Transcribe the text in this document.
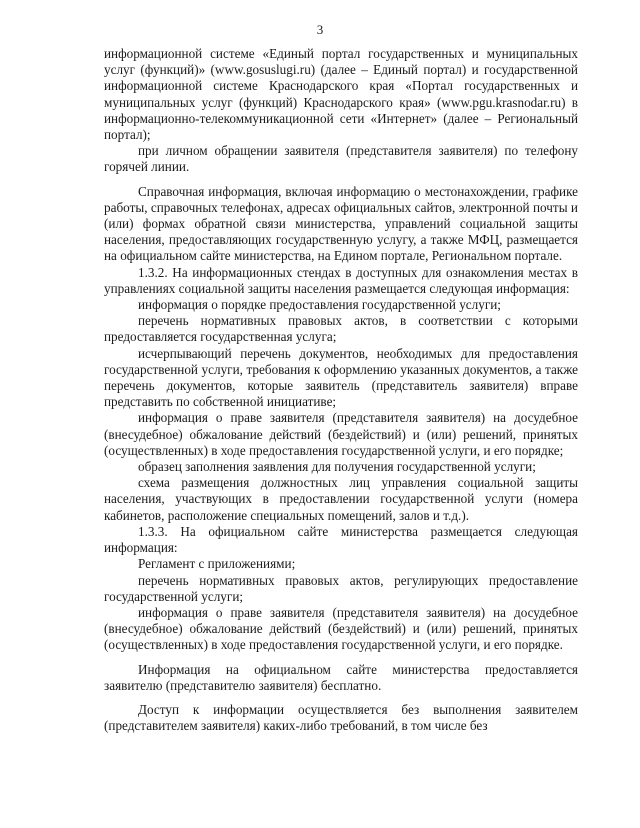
3

информационной системе «Единый портал государственных и муниципальных услуг (функций)» (www.gosuslugi.ru) (далее – Единый портал) и государственной информационной системе Краснодарского края «Портал государственных и муниципальных услуг (функций) Краснодарского края» (www.pgu.krasnodar.ru) в информационно-телекоммуникационной сети «Интернет» (далее – Региональный портал);

при личном обращении заявителя (представителя заявителя) по телефону горячей линии.

Справочная информация, включая информацию о местонахождении, графике работы, справочных телефонах, адресах официальных сайтов, электронной почты и (или) формах обратной связи министерства, управлений социальной защиты населения, предоставляющих государственную услугу, а также МФЦ, размещается на официальном сайте министерства, на Едином портале, Региональном портале.

1.3.2. На информационных стендах в доступных для ознакомления местах в управлениях социальной защиты населения размещается следующая информация:

информация о порядке предоставления государственной услуги;

перечень нормативных правовых актов, в соответствии с которыми предоставляется государственная услуга;

исчерпывающий перечень документов, необходимых для предоставления государственной услуги, требования к оформлению указанных документов, а также перечень документов, которые заявитель (представитель заявителя) вправе представить по собственной инициативе;

информация о праве заявителя (представителя заявителя) на досудебное (внесудебное) обжалование действий (бездействий) и (или) решений, принятых (осуществленных) в ходе предоставления государственной услуги, и его порядке;

образец заполнения заявления для получения государственной услуги;

схема размещения должностных лиц управления социальной защиты населения, участвующих в предоставлении государственной услуги (номера кабинетов, расположение специальных помещений, залов и т.д.).

1.3.3. На официальном сайте министерства размещается следующая информация:

Регламент с приложениями;

перечень нормативных правовых актов, регулирующих предоставление государственной услуги;

информация о праве заявителя (представителя заявителя) на досудебное (внесудебное) обжалование действий (бездействий) и (или) решений, принятых (осуществленных) в ходе предоставления государственной услуги, и его порядке.

Информация на официальном сайте министерства предоставляется заявителю (представителю заявителя) бесплатно.

Доступ к информации осуществляется без выполнения заявителем (представителем заявителя) каких-либо требований, в том числе без
